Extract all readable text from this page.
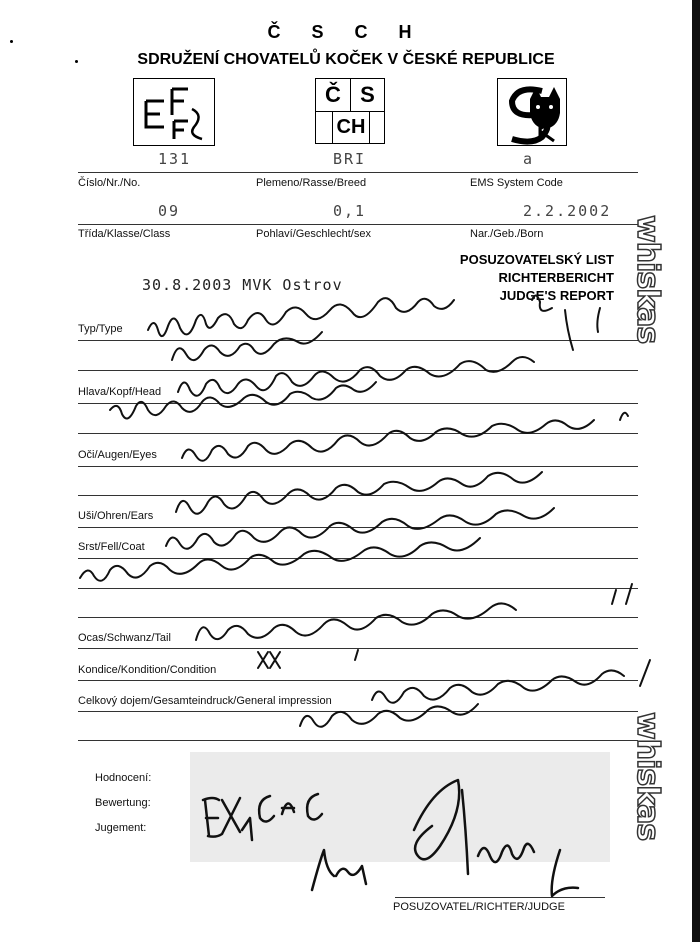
Č S C H
SDRUŽENÍ CHOVATELŮ KOČEK V ČESKÉ REPUBLICE
Č S
CH
131	BRI	a
Číslo/Nr./No.	Plemeno/Rasse/Breed	EMS System Code
09	0,1	2.2.2002
Třída/Klasse/Class	Pohlaví/Geschlecht/sex	Nar./Geb./Born
POSUZOVATELSKÝ LIST
RICHTERBERICHT
JUDGE'S REPORT
30.8.2003 MVK Ostrov
Typ/Type
Hlava/Kopf/Head
Oči/Augen/Eyes
Uši/Ohren/Ears
Srst/Fell/Coat
Ocas/Schwanz/Tail
Kondice/Kondition/Condition
Celkový dojem/Gesamteindruck/General impression
Hodnocení:
Bewertung:
Jugement:
POSUZOVATEL/RICHTER/JUDGE
whiskas
whiskas
